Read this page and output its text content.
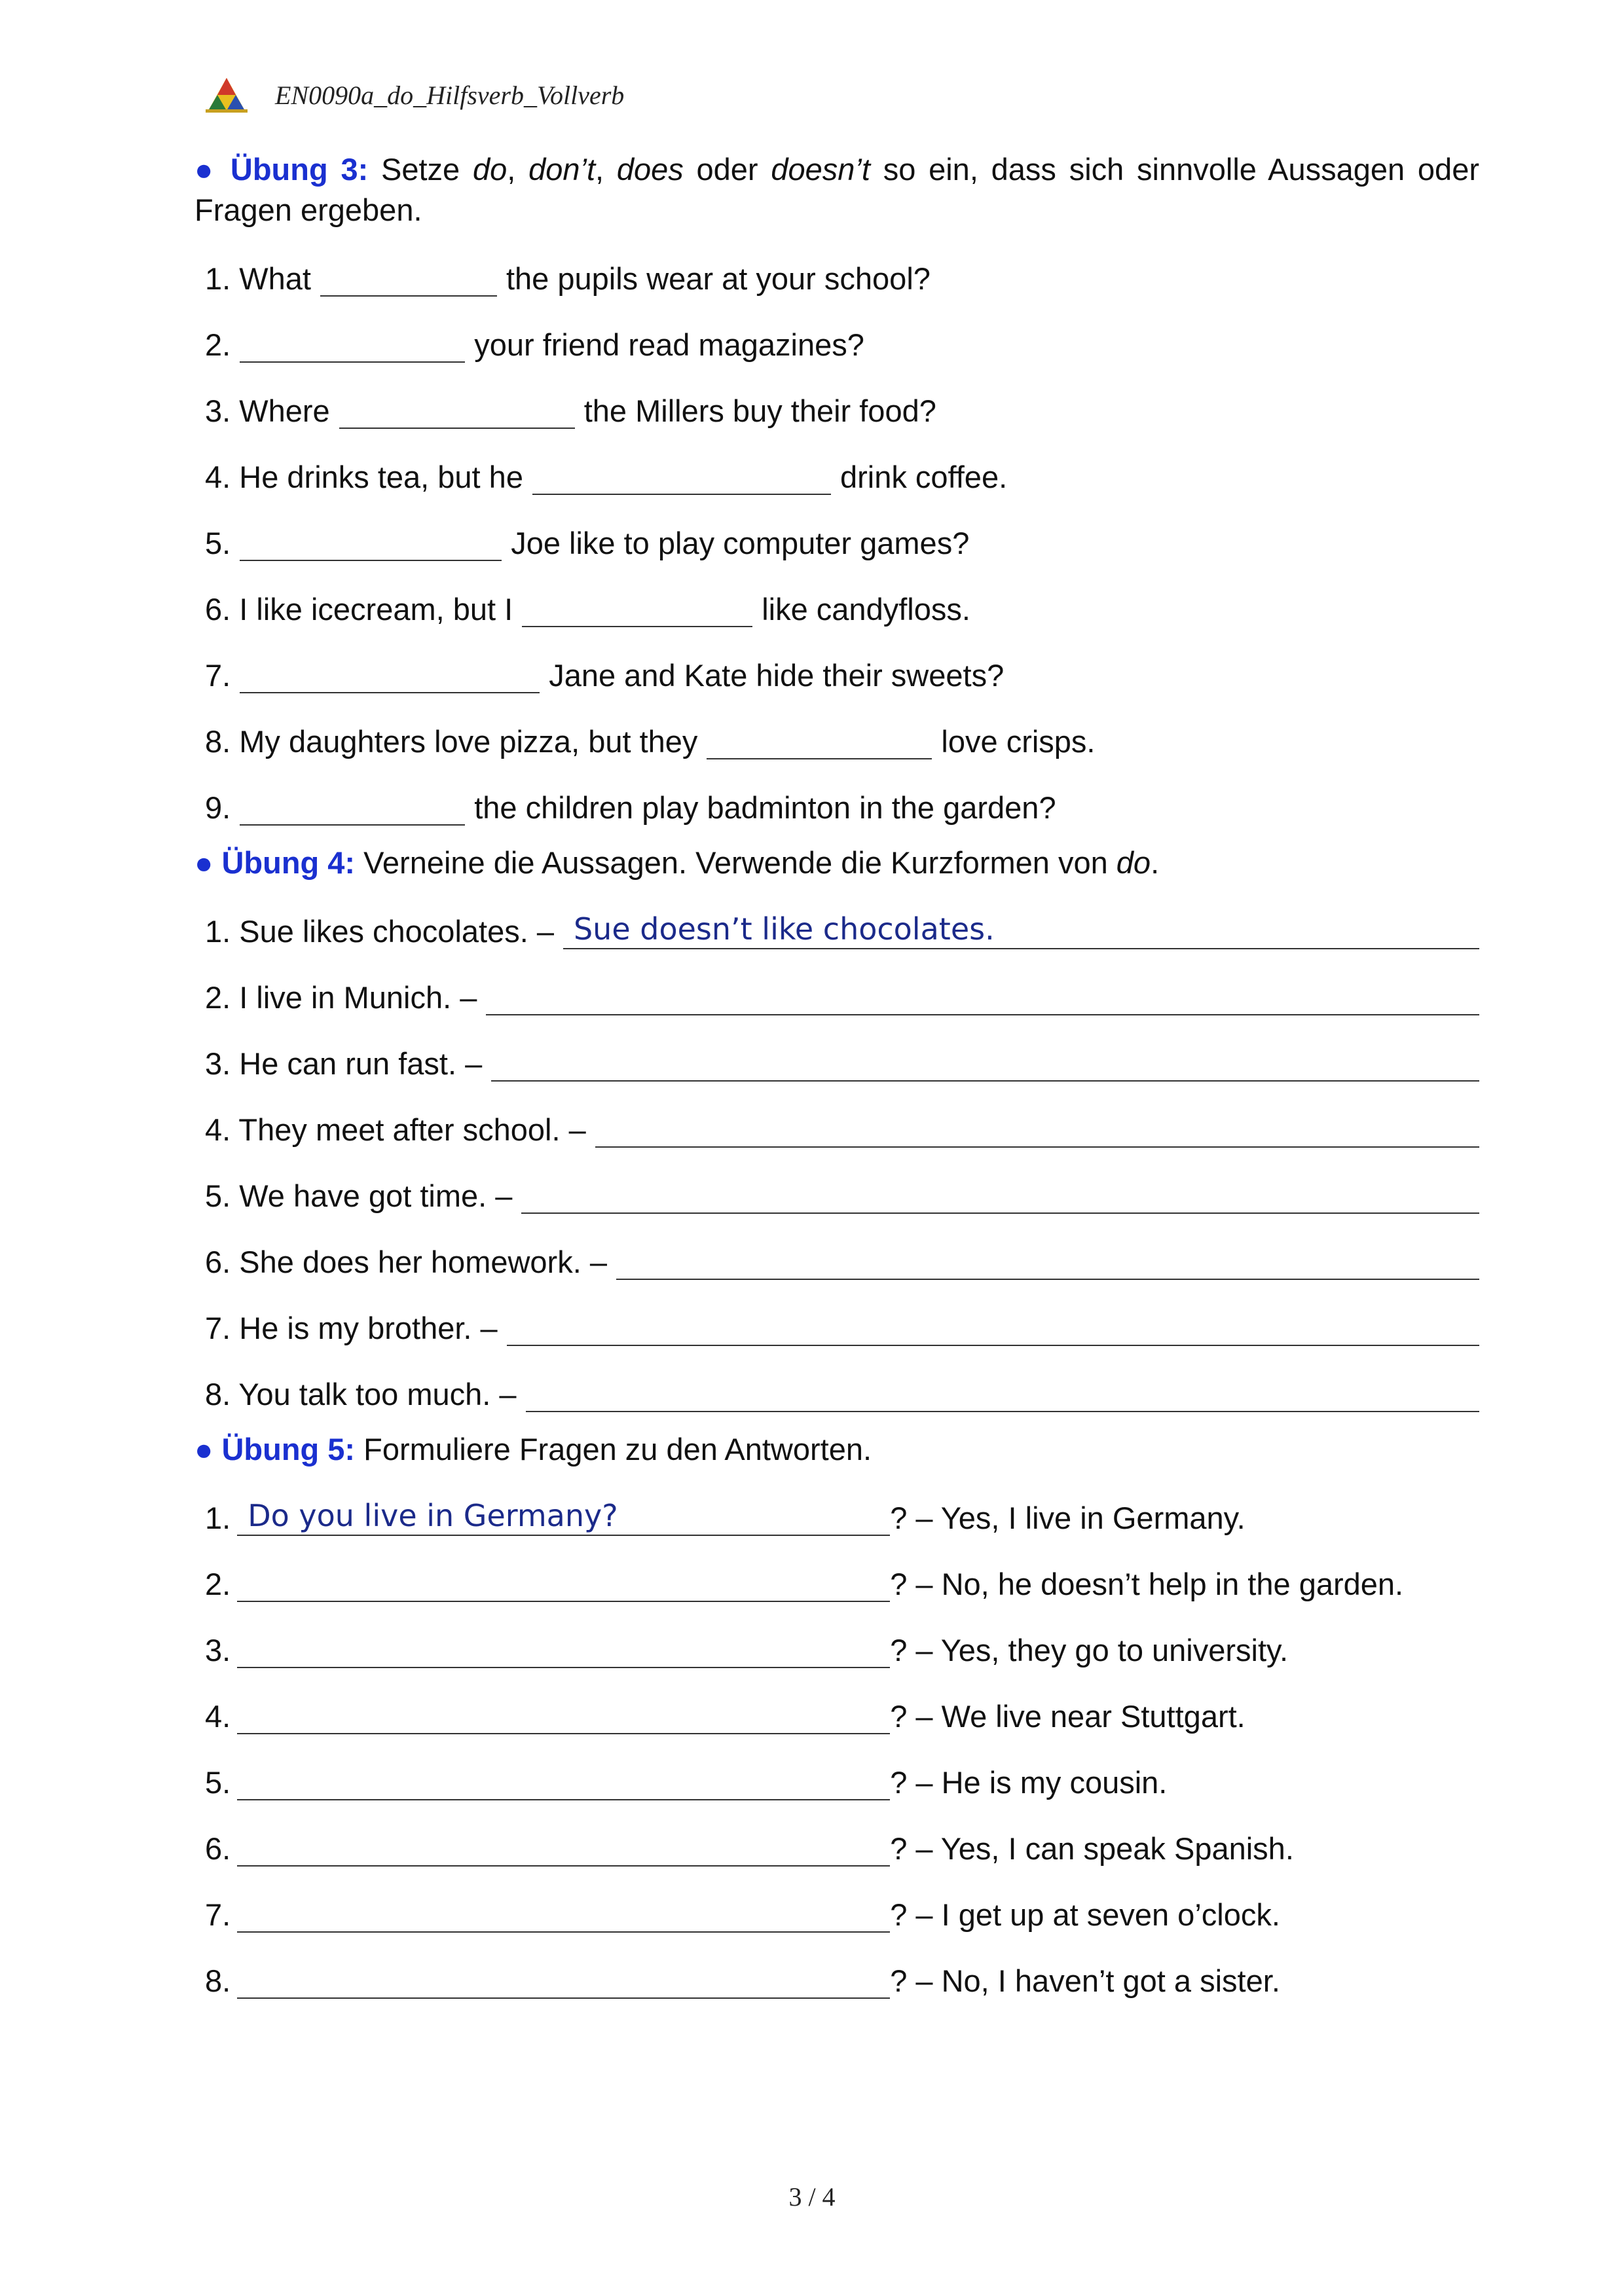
EN0090a_do_Hilfsverb_Vollverb

● Übung 3: Setze do, don’t, does oder doesn’t so ein, dass sich sinnvolle Aussagen oder Fragen ergeben.

1. What	the pupils wear at your school?
2.	your friend read magazines?
3. Where	the Millers buy their food?
4. He drinks tea, but he	drink coffee.
5.	Joe like to play computer games?
6. I like icecream, but I	like candyfloss.
7.	Jane and Kate hide their sweets?
8. My daughters love pizza, but they	love crisps.
9.	the children play badminton in the garden?

● Übung 4: Verneine die Aussagen. Verwende die Kurzformen von do.

1. Sue likes chocolates. – Sue doesn’t like chocolates.
2. I live in Munich. –
3. He can run fast. –
4. They meet after school. –
5. We have got time. –
6. She does her homework. –
7. He is my brother. –
8. You talk too much. –

● Übung 5: Formuliere Fragen zu den Antworten.

1. Do you live in Germany?	? – Yes, I live in Germany.
2.	? – No, he doesn’t help in the garden.
3.	? – Yes, they go to university.
4.	? – We live near Stuttgart.
5.	? – He is my cousin.
6.	? – Yes, I can speak Spanish.
7.	? – I get up at seven o’clock.
8.	? – No, I haven’t got a sister.
3 / 4
